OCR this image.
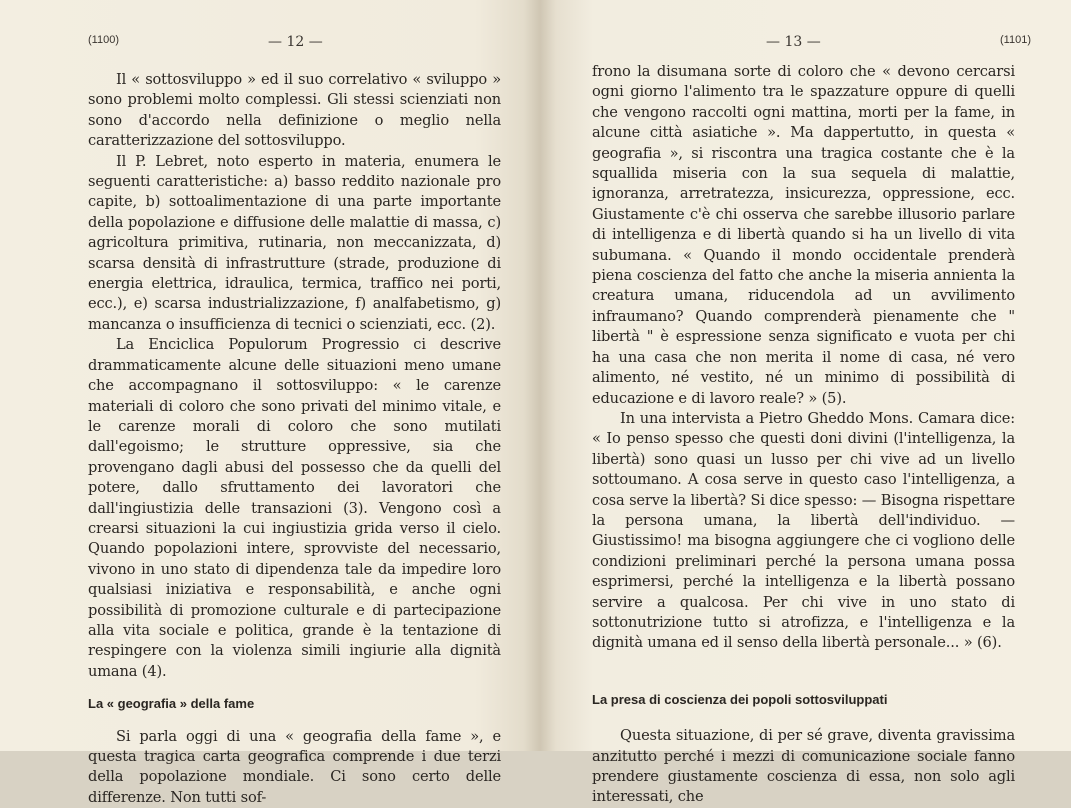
(1100)	— 12 —

Il « sottosviluppo » ed il suo correlativo « sviluppo » sono problemi molto complessi. Gli stessi scienziati non sono d'accordo nella definizione o meglio nella caratterizzazione del sottosviluppo.

Il P. Lebret, noto esperto in materia, enumera le seguenti caratteristiche: a) basso reddito nazionale pro capite, b) sottoalimentazione di una parte importante della popolazione e diffusione delle malattie di massa, c) agricoltura primitiva, rutinaria, non meccanizzata, d) scarsa densità di infrastrutture (strade, produzione di energia elettrica, idraulica, termica, traffico nei porti, ecc.), e) scarsa industrializzazione, f) analfabetismo, g) mancanza o insufficienza di tecnici o scienziati, ecc. (2).

La Enciclica Populorum Progressio ci descrive drammaticamente alcune delle situazioni meno umane che accompagnano il sottosviluppo: « le carenze materiali di coloro che sono privati del minimo vitale, e le carenze morali di coloro che sono mutilati dall'egoismo; le strutture oppressive, sia che provengano dagli abusi del possesso che da quelli del potere, dallo sfruttamento dei lavoratori che dall'ingiustizia delle transazioni (3). Vengono così a crearsi situazioni la cui ingiustizia grida verso il cielo. Quando popolazioni intere, sprovviste del necessario, vivono in uno stato di dipendenza tale da impedire loro qualsiasi iniziativa e responsabilità, e anche ogni possibilità di promozione culturale e di partecipazione alla vita sociale e politica, grande è la tentazione di respingere con la violenza simili ingiurie alla dignità umana (4).

La « geografia » della fame

Si parla oggi di una « geografia della fame », e questa tragica carta geografica comprende i due terzi della popolazione mondiale. Ci sono certo delle differenze. Non tutti sof-

— 13 —	(1101)

frono la disumana sorte di coloro che « devono cercarsi ogni giorno l'alimento tra le spazzature oppure di quelli che vengono raccolti ogni mattina, morti per la fame, in alcune città asiatiche ». Ma dappertutto, in questa « geografia », si riscontra una tragica costante che è la squallida miseria con la sua sequela di malattie, ignoranza, arretratezza, insicurezza, oppressione, ecc. Giustamente c'è chi osserva che sarebbe illusorio parlare di intelligenza e di libertà quando si ha un livello di vita subumana. « Quando il mondo occidentale prenderà piena coscienza del fatto che anche la miseria annienta la creatura umana, riducendola ad un avvilimento infraumano? Quando comprenderà pienamente che " libertà " è espressione senza significato e vuota per chi ha una casa che non merita il nome di casa, né vero alimento, né vestito, né un minimo di possibilità di educazione e di lavoro reale? » (5).

In una intervista a Pietro Gheddo Mons. Camara dice: « Io penso spesso che questi doni divini (l'intelligenza, la libertà) sono quasi un lusso per chi vive ad un livello sottoumano. A cosa serve in questo caso l'intelligenza, a cosa serve la libertà? Si dice spesso: — Bisogna rispettare la persona umana, la libertà dell'individuo. — Giustissimo! ma bisogna aggiungere che ci vogliono delle condizioni preliminari perché la persona umana possa esprimersi, perché la intelligenza e la libertà possano servire a qualcosa. Per chi vive in uno stato di sottonutrizione tutto si atrofizza, e l'intelligenza e la dignità umana ed il senso della libertà personale... » (6).

La presa di coscienza dei popoli sottosviluppati

Questa situazione, di per sé grave, diventa gravissima anzitutto perché i mezzi di comunicazione sociale fanno prendere giustamente coscienza di essa, non solo agli interessati, che
